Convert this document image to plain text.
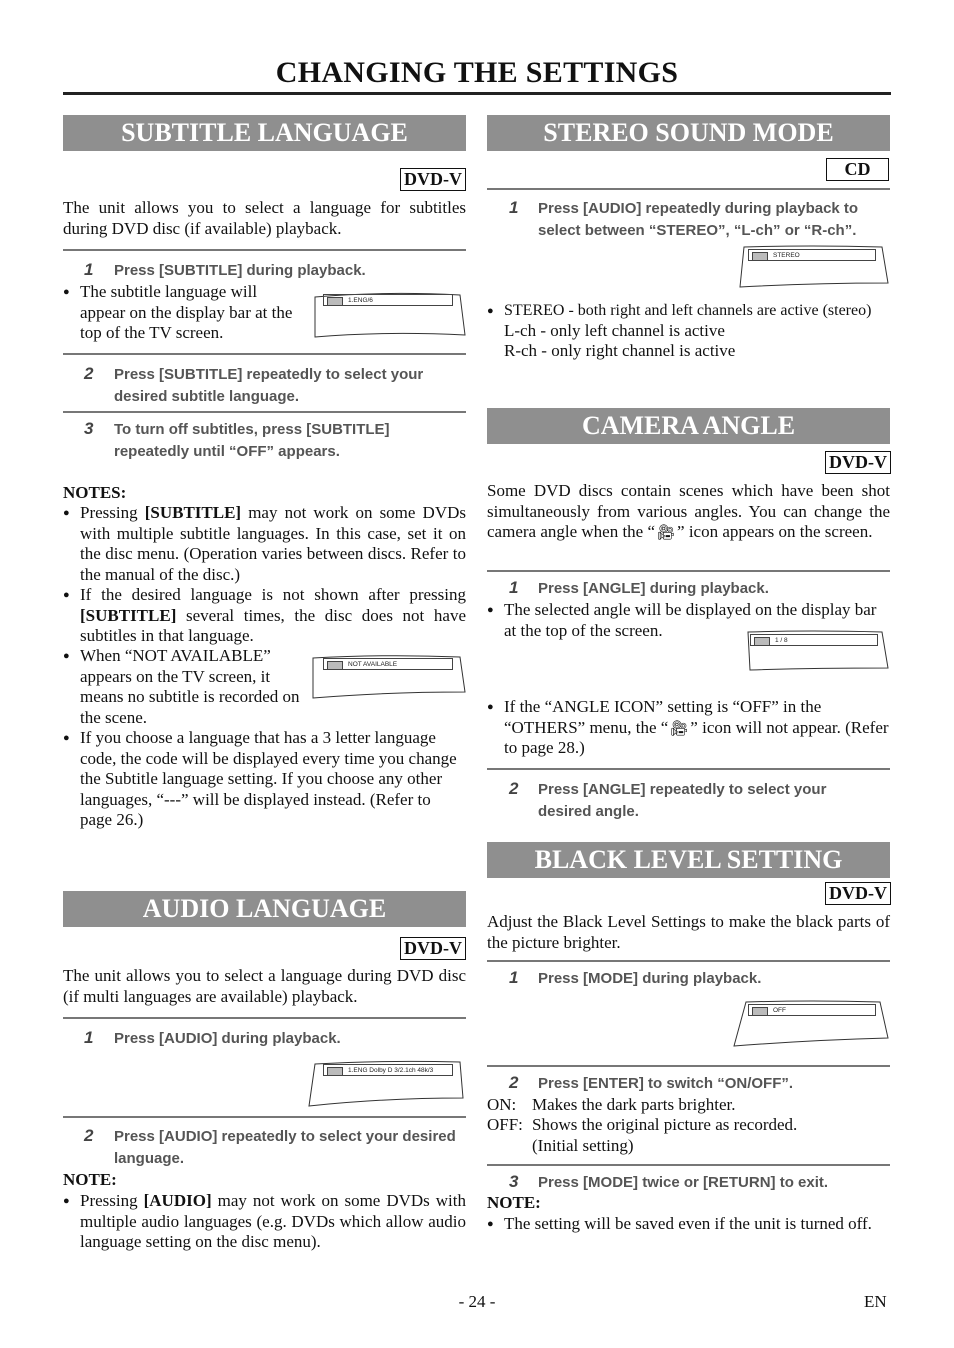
CHANGING THE SETTINGS
SUBTITLE LANGUAGE
DVD-V
The unit allows you to select a language for subtitles during DVD disc (if available) playback.
1 Press [SUBTITLE] during playback.
● The subtitle language will appear on the display bar at the top of the TV screen.
1.ENG/6
2 Press [SUBTITLE] repeatedly to select your desired subtitle language.
3 To turn off subtitles, press [SUBTITLE] repeatedly until “OFF” appears.
NOTES:
● Pressing [SUBTITLE] may not work on some DVDs with multiple subtitle languages. In this case, set it on the disc menu. (Operation varies between discs. Refer to the manual of the disc.)
● If the desired language is not shown after pressing [SUBTITLE] several times, the disc does not have subtitles in that language.
● When “NOT AVAILABLE” appears on the TV screen, it means no subtitle is recorded on the scene.
NOT AVAILABLE
● If you choose a language that has a 3 letter language code, the code will be displayed every time you change the Subtitle language setting. If you choose any other languages, “---” will be displayed instead. (Refer to page 26.)
AUDIO LANGUAGE
DVD-V
The unit allows you to select a language during DVD disc (if multi languages are available) playback.
1 Press [AUDIO] during playback.
1.ENG Dolby D 3/2.1ch 48k/3
2 Press [AUDIO] repeatedly to select your desired language.
NOTE:
● Pressing [AUDIO] may not work on some DVDs with multiple audio languages (e.g. DVDs which allow audio language setting on the disc menu).
STEREO SOUND MODE
CD
1 Press [AUDIO] repeatedly during playback to select between “STEREO”, “L-ch” or “R-ch”.
STEREO
● STEREO - both right and left channels are active (stereo)
L-ch - only left channel is active
R-ch - only right channel is active
CAMERA ANGLE
DVD-V
Some DVD discs contain scenes which have been shot simultaneously from various angles. You can change the camera angle when the “🎥︎” icon appears on the screen.
1 Press [ANGLE] during playback.
● The selected angle will be displayed on the display bar at the top of the screen.
1 / 8
● If the “ANGLE ICON” setting is “OFF” in the “OTHERS” menu, the “🎥︎” icon will not appear. (Refer to page 28.)
2 Press [ANGLE] repeatedly to select your desired angle.
BLACK LEVEL SETTING
DVD-V
Adjust the Black Level Settings to make the black parts of the picture brighter.
1 Press [MODE] during playback.
OFF
2 Press [ENTER] to switch “ON/OFF”.
ON: Makes the dark parts brighter.
OFF: Shows the original picture as recorded.
(Initial setting)
3 Press [MODE] twice or [RETURN] to exit.
NOTE:
● The setting will be saved even if the unit is turned off.
- 24 -	EN
